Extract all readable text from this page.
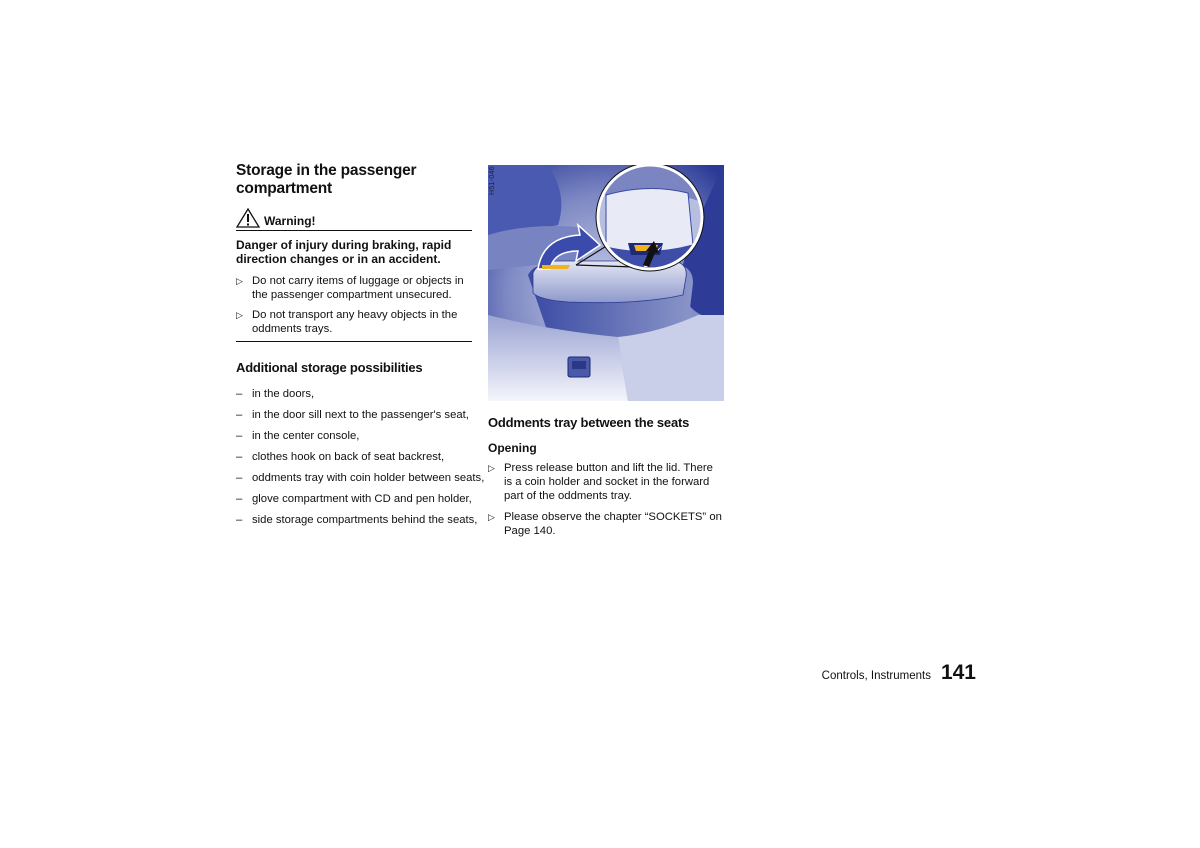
Storage in the passenger compartment
Warning!

Danger of injury during braking, rapid direction changes or in an accident.

▷ Do not carry items of luggage or objects in the passenger compartment unsecured.
▷ Do not transport any heavy objects in the oddments trays.
Additional storage possibilities
– in the doors,
– in the door sill next to the passenger's seat,
– in the center console,
– clothes hook on back of seat backrest,
– oddments tray with coin holder between seats,
– glove compartment with CD and pen holder,
– side storage compartments behind the seats,
H51-046
Oddments tray between the seats
Opening
▷ Press release button and lift the lid. There is a coin holder and socket in the forward part of the oddments tray.
▷ Please observe the chapter “SOCKETS” on Page 140.
Controls, Instruments 141
